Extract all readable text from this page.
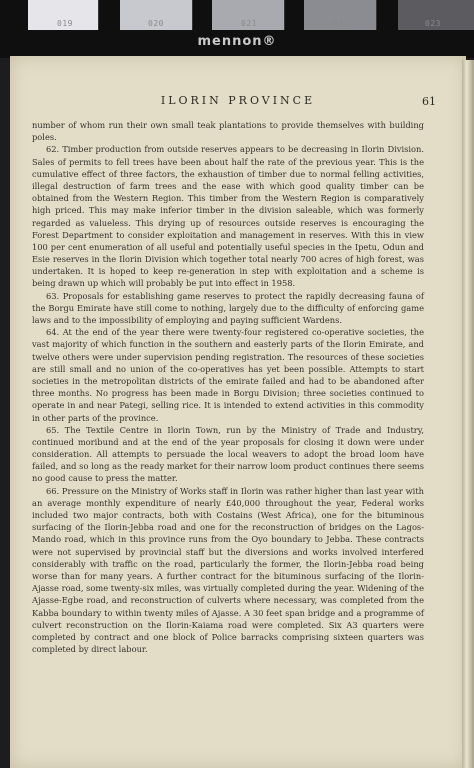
019	020	021	022	023
mennon®
ILORIN PROVINCE	61

number of whom run their own small teak plantations to provide themselves with building poles.

62. Timber production from outside reserves appears to be decreasing in Ilorin Division. Sales of permits to fell trees have been about half the rate of the previous year. This is the cumulative effect of three factors, the exhaustion of timber due to normal felling activities, illegal destruction of farm trees and the ease with which good quality timber can be obtained from the Western Region. This timber from the Western Region is comparatively high priced. This may make inferior timber in the division saleable, which was formerly regarded as valueless. This drying up of resources outside reserves is encouraging the Forest Department to consider exploitation and management in reserves. With this in view 100 per cent enumeration of all useful and potentially useful species in the Ipetu, Odun and Esie reserves in the Ilorin Division which together total nearly 700 acres of high forest, was undertaken. It is hoped to keep re-generation in step with exploitation and a scheme is being drawn up which will probably be put into effect in 1958.

63. Proposals for establishing game reserves to protect the rapidly decreasing fauna of the Borgu Emirate have still come to nothing, largely due to the difficulty of enforcing game laws and to the impossibility of employing and paying sufficient Wardens.

64. At the end of the year there were twenty-four registered co-operative societies, the vast majority of which function in the southern and easterly parts of the Ilorin Emirate, and twelve others were under supervision pending registration. The resources of these societies are still small and no union of the co-operatives has yet been possible. Attempts to start societies in the metropolitan districts of the emirate failed and had to be abandoned after three months. No progress has been made in Borgu Division; three societies continued to operate in and near Pategi, selling rice. It is intended to extend activities in this commodity in other parts of the province.

65. The Textile Centre in Ilorin Town, run by the Ministry of Trade and Industry, continued moribund and at the end of the year proposals for closing it down were under consideration. All attempts to persuade the local weavers to adopt the broad loom have failed, and so long as the ready market for their narrow loom product continues there seems no good cause to press the matter.

66. Pressure on the Ministry of Works staff in Ilorin was rather higher than last year with an average monthly expenditure of nearly £40,000 throughout the year, Federal works included two major contracts, both with Costains (West Africa), one for the bituminous surfacing of the Ilorin-Jebba road and one for the reconstruction of bridges on the Lagos-Mando road, which in this province runs from the Oyo boundary to Jebba. These contracts were not supervised by provincial staff but the diversions and works involved interfered considerably with traffic on the road, particularly the former, the Ilorin-Jebba road being worse than for many years. A further contract for the bituminous surfacing of the Ilorin-Ajasse road, some twenty-six miles, was virtually completed during the year. Widening of the Ajasse-Egbe road, and reconstruction of culverts where necessary, was completed from the Kabba boundary to within twenty miles of Ajasse. A 30 feet span bridge and a programme of culvert reconstruction on the Ilorin-Kaiama road were completed. Six A3 quarters were completed by contract and one block of Police barracks comprising sixteen quarters was completed by direct labour.
